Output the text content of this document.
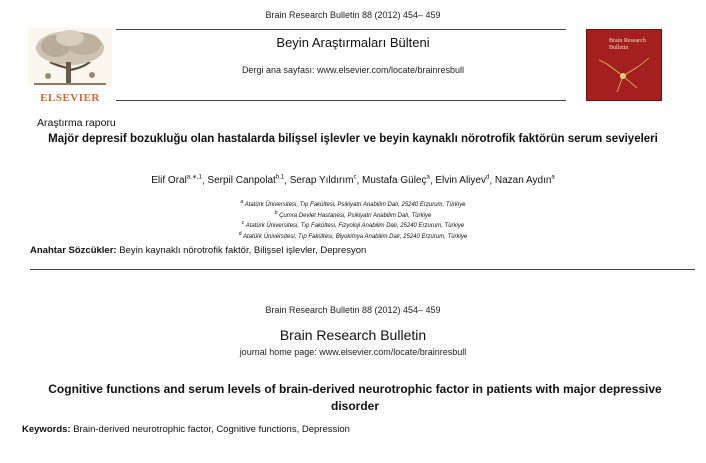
Brain Research Bulletin 88 (2012) 454– 459
ELSEVIER
Beyin Araştırmaları Bülteni
Dergi ana sayfası: www.elsevier.com/locate/brainresbull
Brain Research Bulletin
Araştırma raporu
Majör depresif bozukluğu olan hastalarda bilişsel işlevler ve beyin kaynaklı nörotrofik faktörün serum seviyeleri
Elif Oral$^{a,∗,1}$, Serpil Canpolat$^{b,1}$, Serap Yıldırım$^c$, Mustafa Güleç$^a$, Elvin Aliyev$^d$, Nazan Aydın$^a$
$^a$ Atatürk Üniversitesi, Tıp Fakültesi, Psikiyatri Anabilim Dalı, 25240 Erzurum, Türkiye
$^b$ Çumra Devlet Hastanesi, Psikiyatri Anabilim Dalı, Türkiye
$^c$ Atatürk Üniversitesi, Tıp Fakültesi, Fizyoloji Anabilim Dalı, 25240 Erzurum, Türkiye
$^d$ Atatürk Üniversitesi, Tıp Fakültesi, Biyokimya Anabilim Dalı, 25240 Erzurum, Türkiye
Anahtar Sözcükler: Beyin kaynaklı nörotrofik faktör, Bilişsel işlevler, Depresyon
Brain Research Bulletin 88 (2012) 454– 459
Brain Research Bulletin
journal home page: www.elsevier.com/locate/brainresbull
Cognitive functions and serum levels of brain-derived neurotrophic factor in patients with major depressive disorder
Keywords: Brain-derived neurotrophic factor, Cognitive functions, Depression
